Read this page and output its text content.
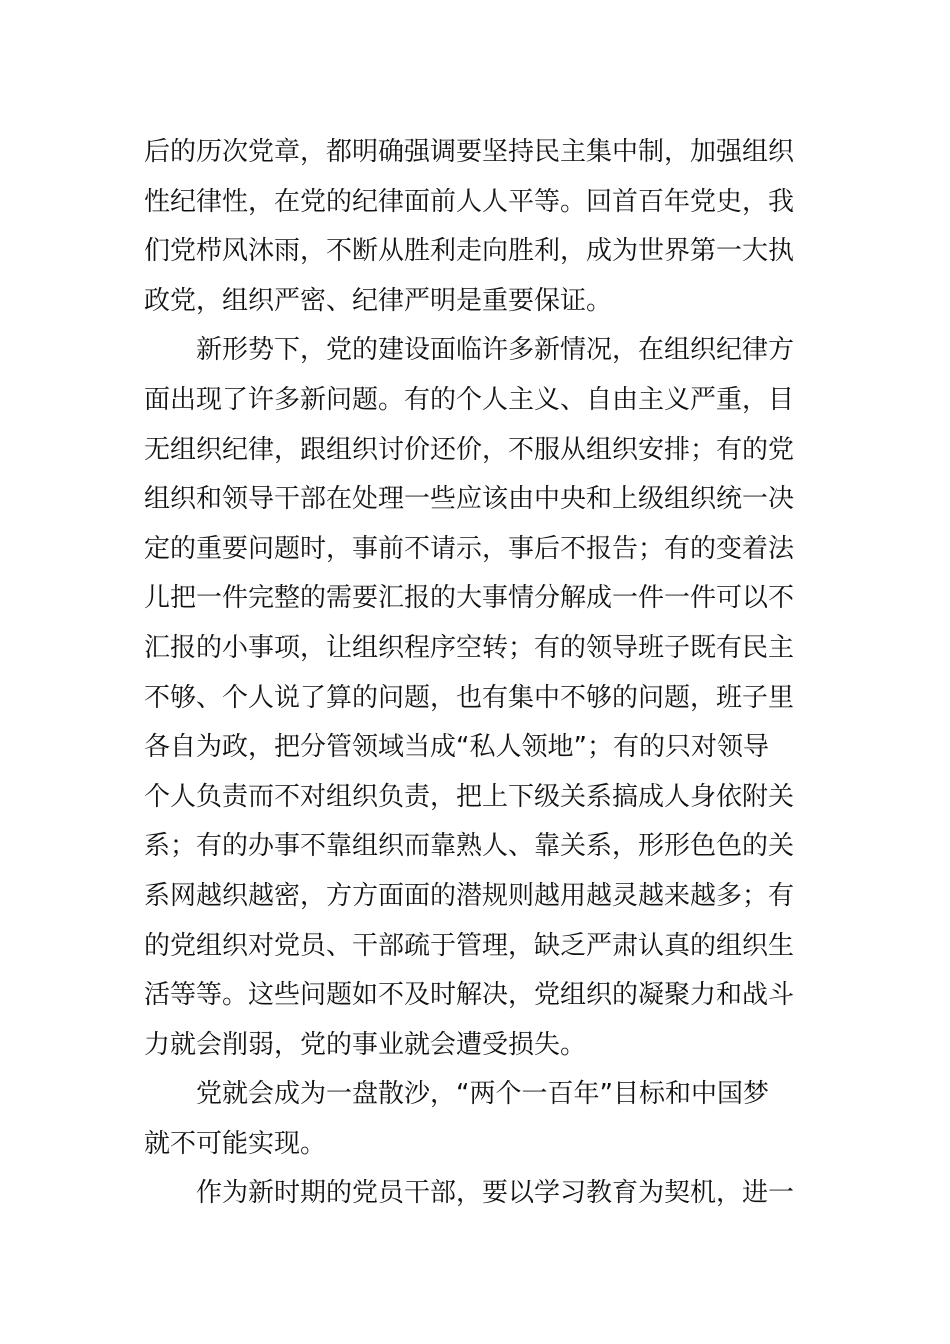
后的历次党章，都明确强调要坚持民主集中制，加强组织
性纪律性，在党的纪律面前人人平等。回首百年党史，我
们党栉风沐雨，不断从胜利走向胜利，成为世界第一大执
政党，组织严密、纪律严明是重要保证。
新形势下，党的建设面临许多新情况，在组织纪律方
面出现了许多新问题。有的个人主义、自由主义严重，目
无组织纪律，跟组织讨价还价，不服从组织安排；有的党
组织和领导干部在处理一些应该由中央和上级组织统一决
定的重要问题时，事前不请示，事后不报告；有的变着法
儿把一件完整的需要汇报的大事情分解成一件一件可以不
汇报的小事项，让组织程序空转；有的领导班子既有民主
不够、个人说了算的问题，也有集中不够的问题，班子里
各自为政，把分管领域当成“私人领地”；有的只对领导
个人负责而不对组织负责，把上下级关系搞成人身依附关
系；有的办事不靠组织而靠熟人、靠关系，形形色色的关
系网越织越密，方方面面的潜规则越用越灵越来越多；有
的党组织对党员、干部疏于管理，缺乏严肃认真的组织生
活等等。这些问题如不及时解决，党组织的凝聚力和战斗
力就会削弱，党的事业就会遭受损失。
党就会成为一盘散沙，“两个一百年”目标和中国梦
就不可能实现。
作为新时期的党员干部，要以学习教育为契机，进一
